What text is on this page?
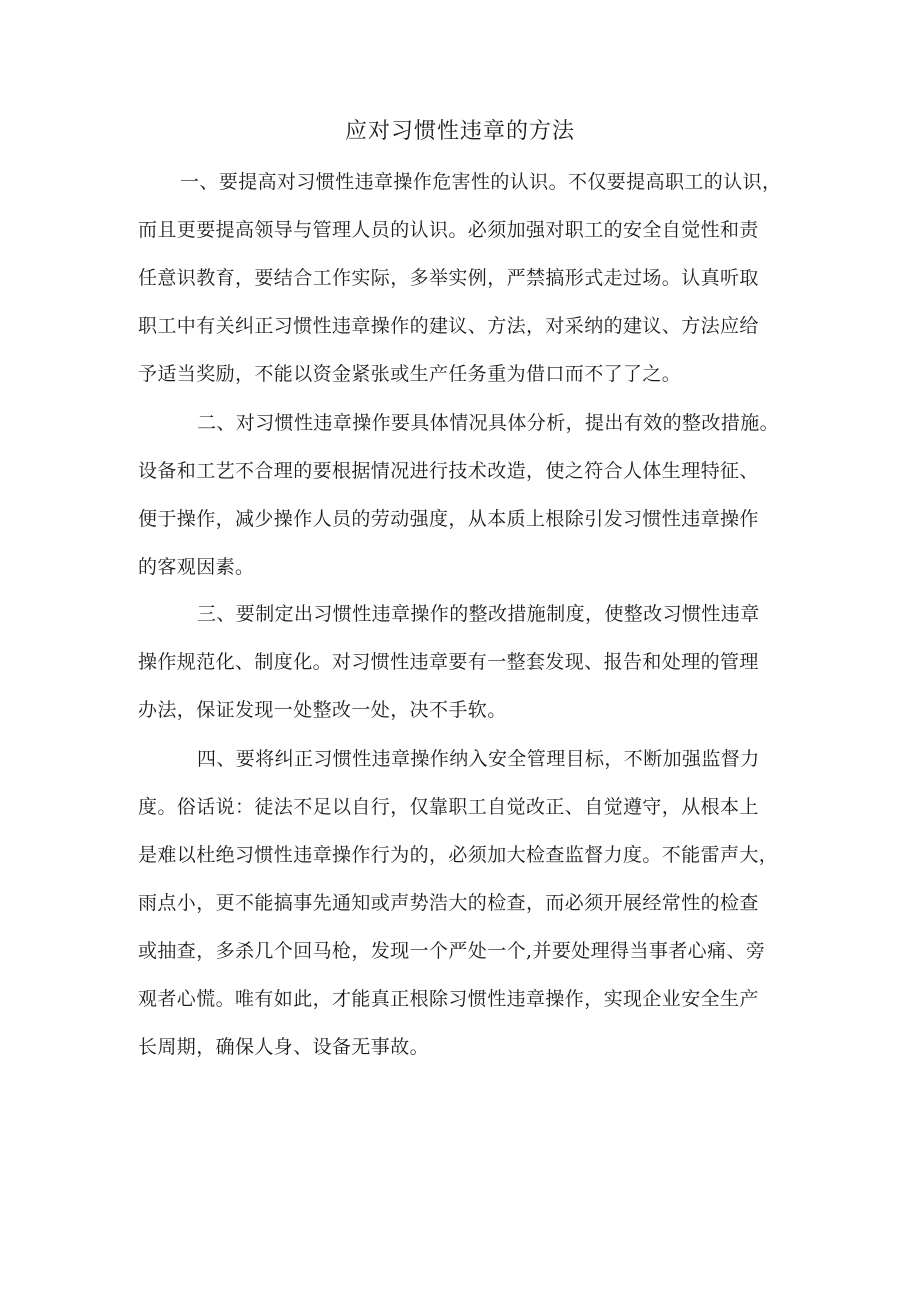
应对习惯性违章的方法

一、要提高对习惯性违章操作危害性的认识。不仅要提高职工的认识，

而且更要提高领导与管理人员的认识。必须加强对职工的安全自觉性和责

任意识教育，要结合工作实际，多举实例，严禁搞形式走过场。认真听取

职工中有关纠正习惯性违章操作的建议、方法，对采纳的建议、方法应给

予适当奖励，不能以资金紧张或生产任务重为借口而不了了之。

二、对习惯性违章操作要具体情况具体分析，提出有效的整改措施。

设备和工艺不合理的要根据情况进行技术改造，使之符合人体生理特征、

便于操作，减少操作人员的劳动强度，从本质上根除引发习惯性违章操作

的客观因素。

三、要制定出习惯性违章操作的整改措施制度，使整改习惯性违章

操作规范化、制度化。对习惯性违章要有一整套发现、报告和处理的管理

办法，保证发现一处整改一处，决不手软。

四、要将纠正习惯性违章操作纳入安全管理目标，不断加强监督力

度。俗话说：徒法不足以自行，仅靠职工自觉改正、自觉遵守，从根本上

是难以杜绝习惯性违章操作行为的，必须加大检查监督力度。不能雷声大，

雨点小，更不能搞事先通知或声势浩大的检查，而必须开展经常性的检查

或抽查，多杀几个回马枪，发现一个严处一个,并要处理得当事者心痛、旁

观者心慌。唯有如此，才能真正根除习惯性违章操作，实现企业安全生产

长周期，确保人身、设备无事故。
